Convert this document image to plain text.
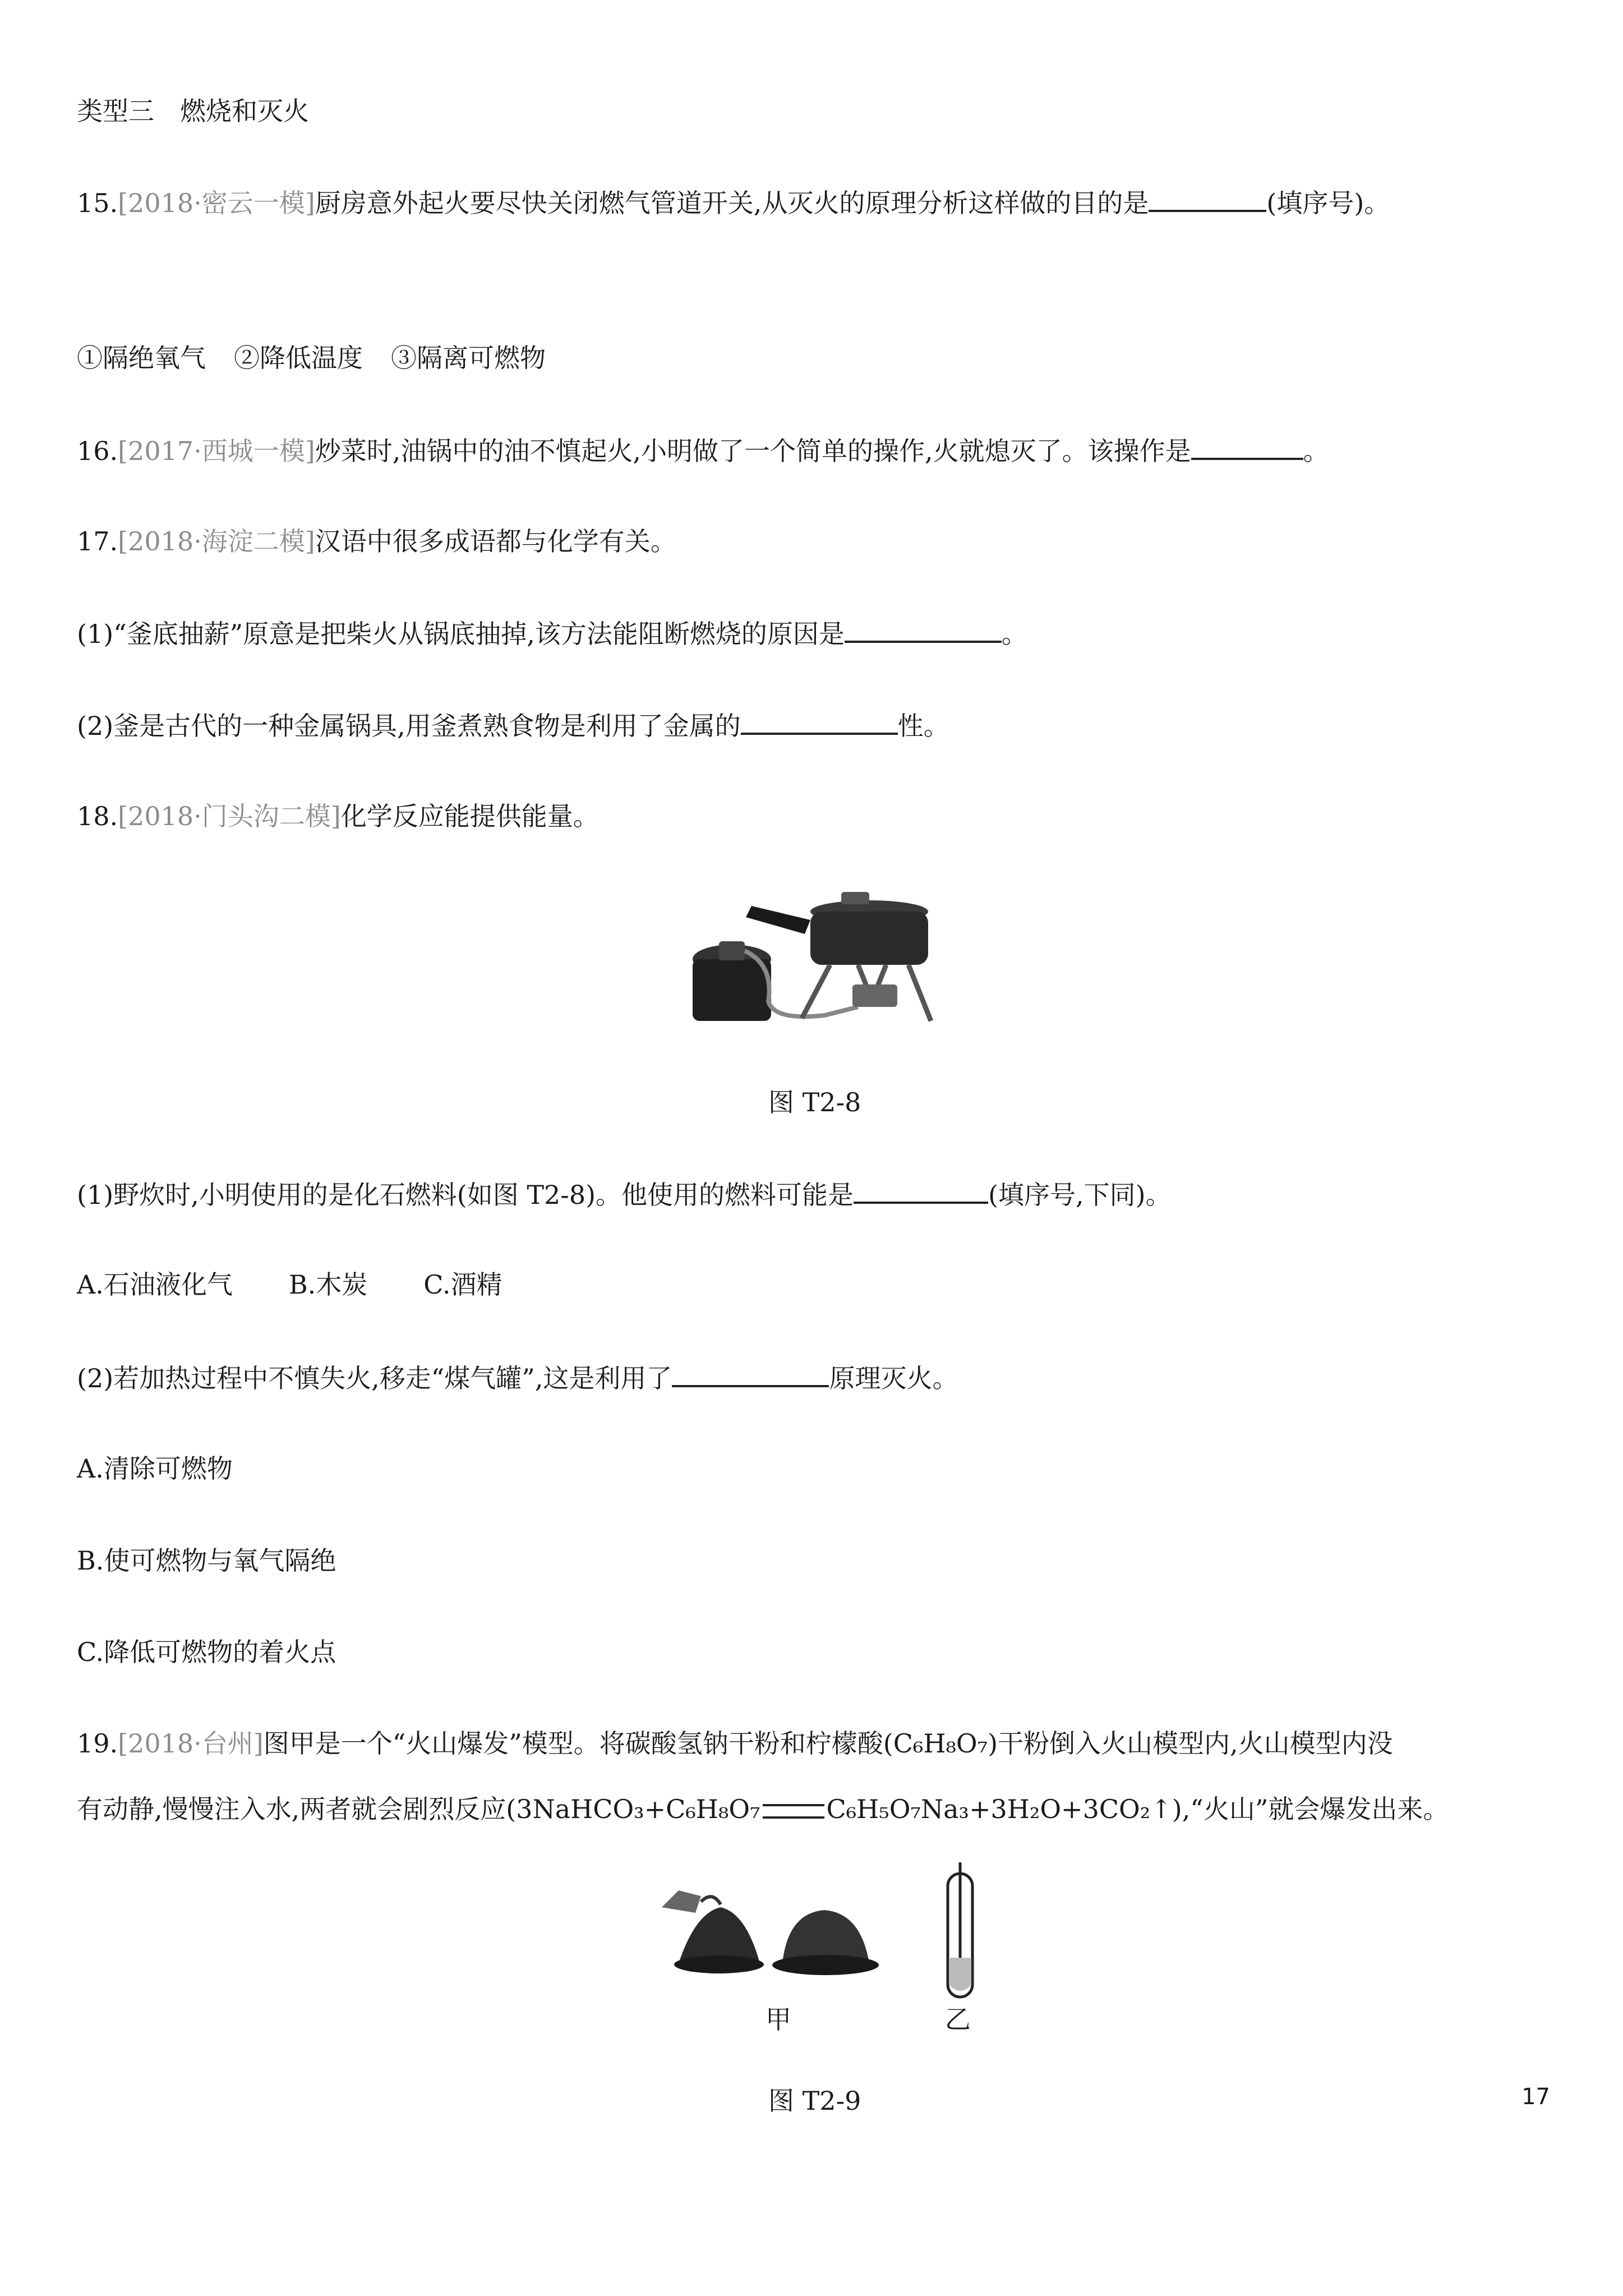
类型三　燃烧和灭火
15.[2018·密云一模]厨房意外起火要尽快关闭燃气管道开关,从灭火的原理分析这样做的目的是	(填序号)。
①隔绝氧气 ②降低温度 ③隔离可燃物
16.[2017·西城一模]炒菜时,油锅中的油不慎起火,小明做了一个简单的操作,火就熄灭了。该操作是	。
17.[2018·海淀二模]汉语中很多成语都与化学有关。
(1)“釜底抽薪”原意是把柴火从锅底抽掉,该方法能阻断燃烧的原因是	。
(2)釜是古代的一种金属锅具,用釜煮熟食物是利用了金属的	性。
18.[2018·门头沟二模]化学反应能提供能量。
图 T2-8
(1)野炊时,小明使用的是化石燃料(如图 T2-8)。他使用的燃料可能是	(填序号,下同)。
A.石油液化气 B.木炭 C.酒精
(2)若加热过程中不慎失火,移走“煤气罐”,这是利用了	原理灭火。
A.清除可燃物
B.使可燃物与氧气隔绝
C.降低可燃物的着火点
19.[2018·台州]图甲是一个“火山爆发”模型。将碳酸氢钠干粉和柠檬酸(C₆H₈O₇)干粉倒入火山模型内,火山模型内没
有动静,慢慢注入水,两者就会剧烈反应(3NaHCO₃+C₆H₈O₇	C₆H₅O₇Na₃+3H₂O+3CO₂↑),“火山”就会爆发出来。
甲	乙
图 T2-9	17
